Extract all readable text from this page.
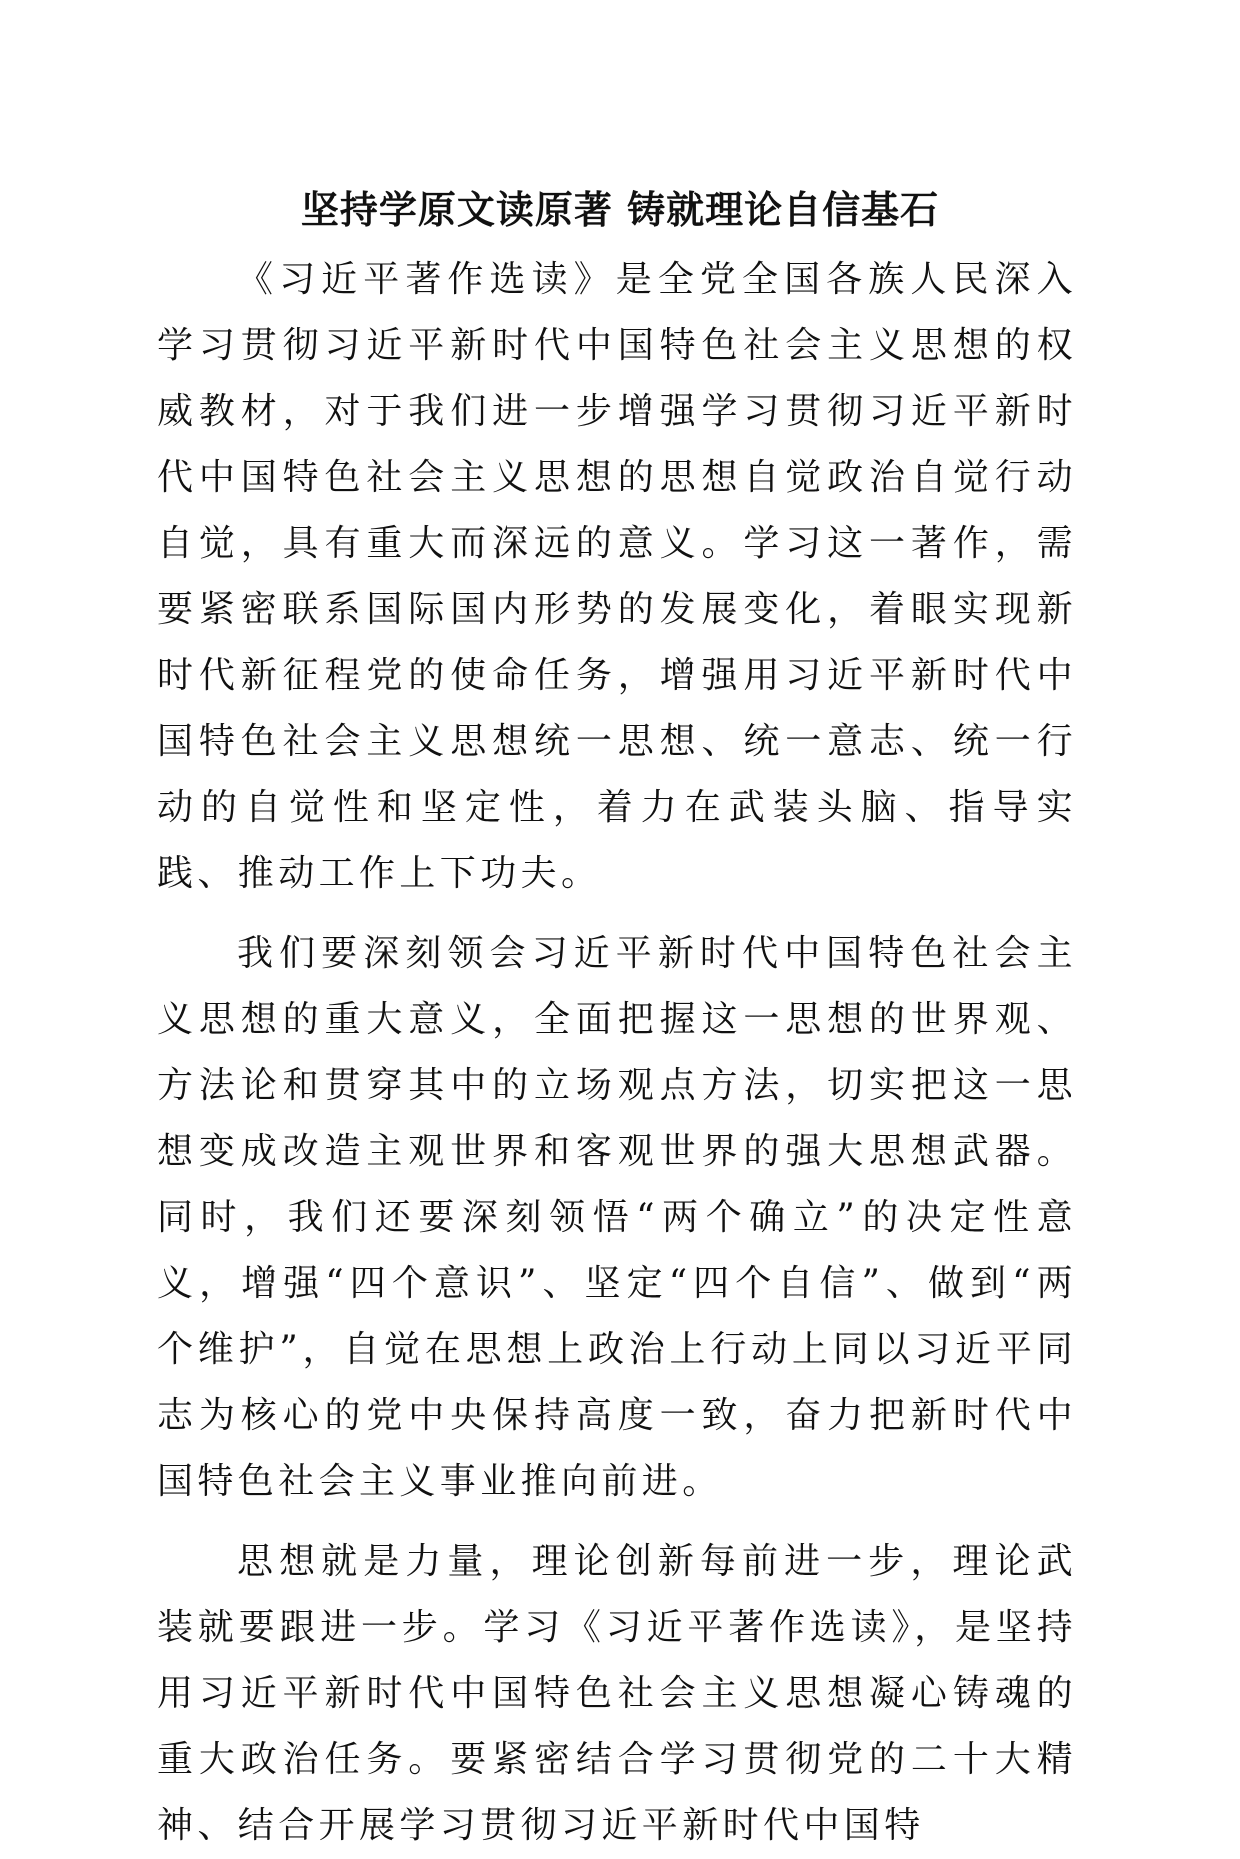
坚持学原文读原著 铸就理论自信基石

《习近平著作选读》是全党全国各族人民深入学习贯彻习近平新时代中国特色社会主义思想的权威教材，对于我们进一步增强学习贯彻习近平新时代中国特色社会主义思想的思想自觉政治自觉行动自觉，具有重大而深远的意义。学习这一著作，需要紧密联系国际国内形势的发展变化，着眼实现新时代新征程党的使命任务，增强用习近平新时代中国特色社会主义思想统一思想、统一意志、统一行动的自觉性和坚定性，着力在武装头脑、指导实践、推动工作上下功夫。

我们要深刻领会习近平新时代中国特色社会主义思想的重大意义，全面把握这一思想的世界观、方法论和贯穿其中的立场观点方法，切实把这一思想变成改造主观世界和客观世界的强大思想武器。同时，我们还要深刻领悟“两个确立”的决定性意义，增强“四个意识”、坚定“四个自信”、做到“两个维护”，自觉在思想上政治上行动上同以习近平同志为核心的党中央保持高度一致，奋力把新时代中国特色社会主义事业推向前进。

思想就是力量，理论创新每前进一步，理论武装就要跟进一步。学习《习近平著作选读》，是坚持用习近平新时代中国特色社会主义思想凝心铸魂的重大政治任务。要紧密结合学习贯彻党的二十大精神、结合开展学习贯彻习近平新时代中国特
